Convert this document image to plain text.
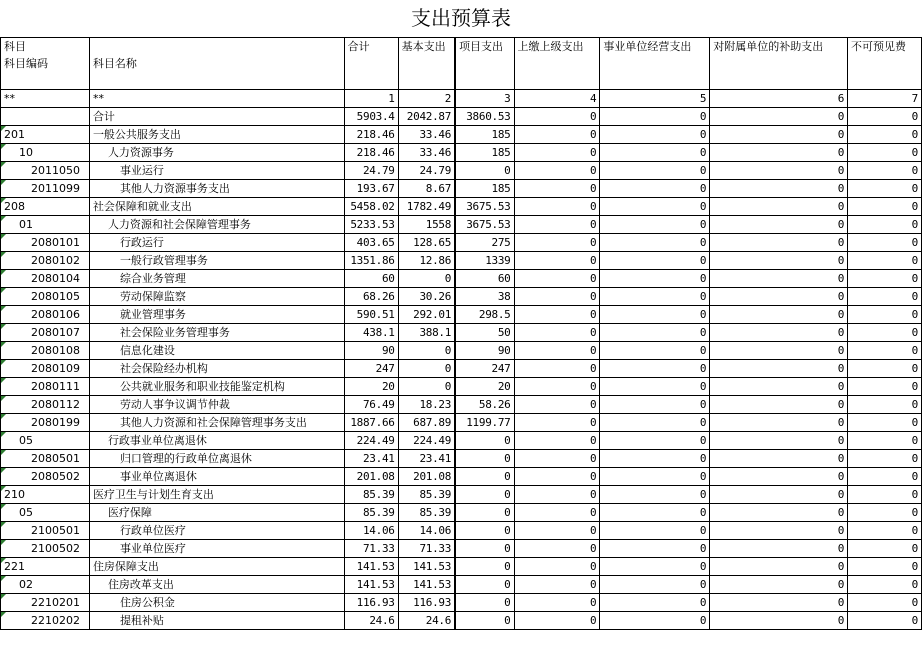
支出预算表
科目		合计	基本支出	项目支出	上缴上级支出	事业单位经营支出	对附属单位的补助支出	不可预见费
科目编码	科目名称							

**	**	1	2	3	4	5	6	7
	合计	5903.4	2042.87	3860.53	0	0	0	0
201	一般公共服务支出	218.46	33.46	185	0	0	0	0
10	人力资源事务	218.46	33.46	185	0	0	0	0
2011050	事业运行	24.79	24.79	0	0	0	0	0
2011099	其他人力资源事务支出	193.67	8.67	185	0	0	0	0
208	社会保障和就业支出	5458.02	1782.49	3675.53	0	0	0	0
01	人力资源和社会保障管理事务	5233.53	1558	3675.53	0	0	0	0
2080101	行政运行	403.65	128.65	275	0	0	0	0
2080102	一般行政管理事务	1351.86	12.86	1339	0	0	0	0
2080104	综合业务管理	60	0	60	0	0	0	0
2080105	劳动保障监察	68.26	30.26	38	0	0	0	0
2080106	就业管理事务	590.51	292.01	298.5	0	0	0	0
2080107	社会保险业务管理事务	438.1	388.1	50	0	0	0	0
2080108	信息化建设	90	0	90	0	0	0	0
2080109	社会保险经办机构	247	0	247	0	0	0	0
2080111	公共就业服务和职业技能鉴定机构	20	0	20	0	0	0	0
2080112	劳动人事争议调节仲裁	76.49	18.23	58.26	0	0	0	0
2080199	其他人力资源和社会保障管理事务支出	1887.66	687.89	1199.77	0	0	0	0
05	行政事业单位离退休	224.49	224.49	0	0	0	0	0
2080501	归口管理的行政单位离退休	23.41	23.41	0	0	0	0	0
2080502	事业单位离退休	201.08	201.08	0	0	0	0	0
210	医疗卫生与计划生育支出	85.39	85.39	0	0	0	0	0
05	医疗保障	85.39	85.39	0	0	0	0	0
2100501	行政单位医疗	14.06	14.06	0	0	0	0	0
2100502	事业单位医疗	71.33	71.33	0	0	0	0	0
221	住房保障支出	141.53	141.53	0	0	0	0	0
02	住房改革支出	141.53	141.53	0	0	0	0	0
2210201	住房公积金	116.93	116.93	0	0	0	0	0
2210202	提租补贴	24.6	24.6	0	0	0	0	0
